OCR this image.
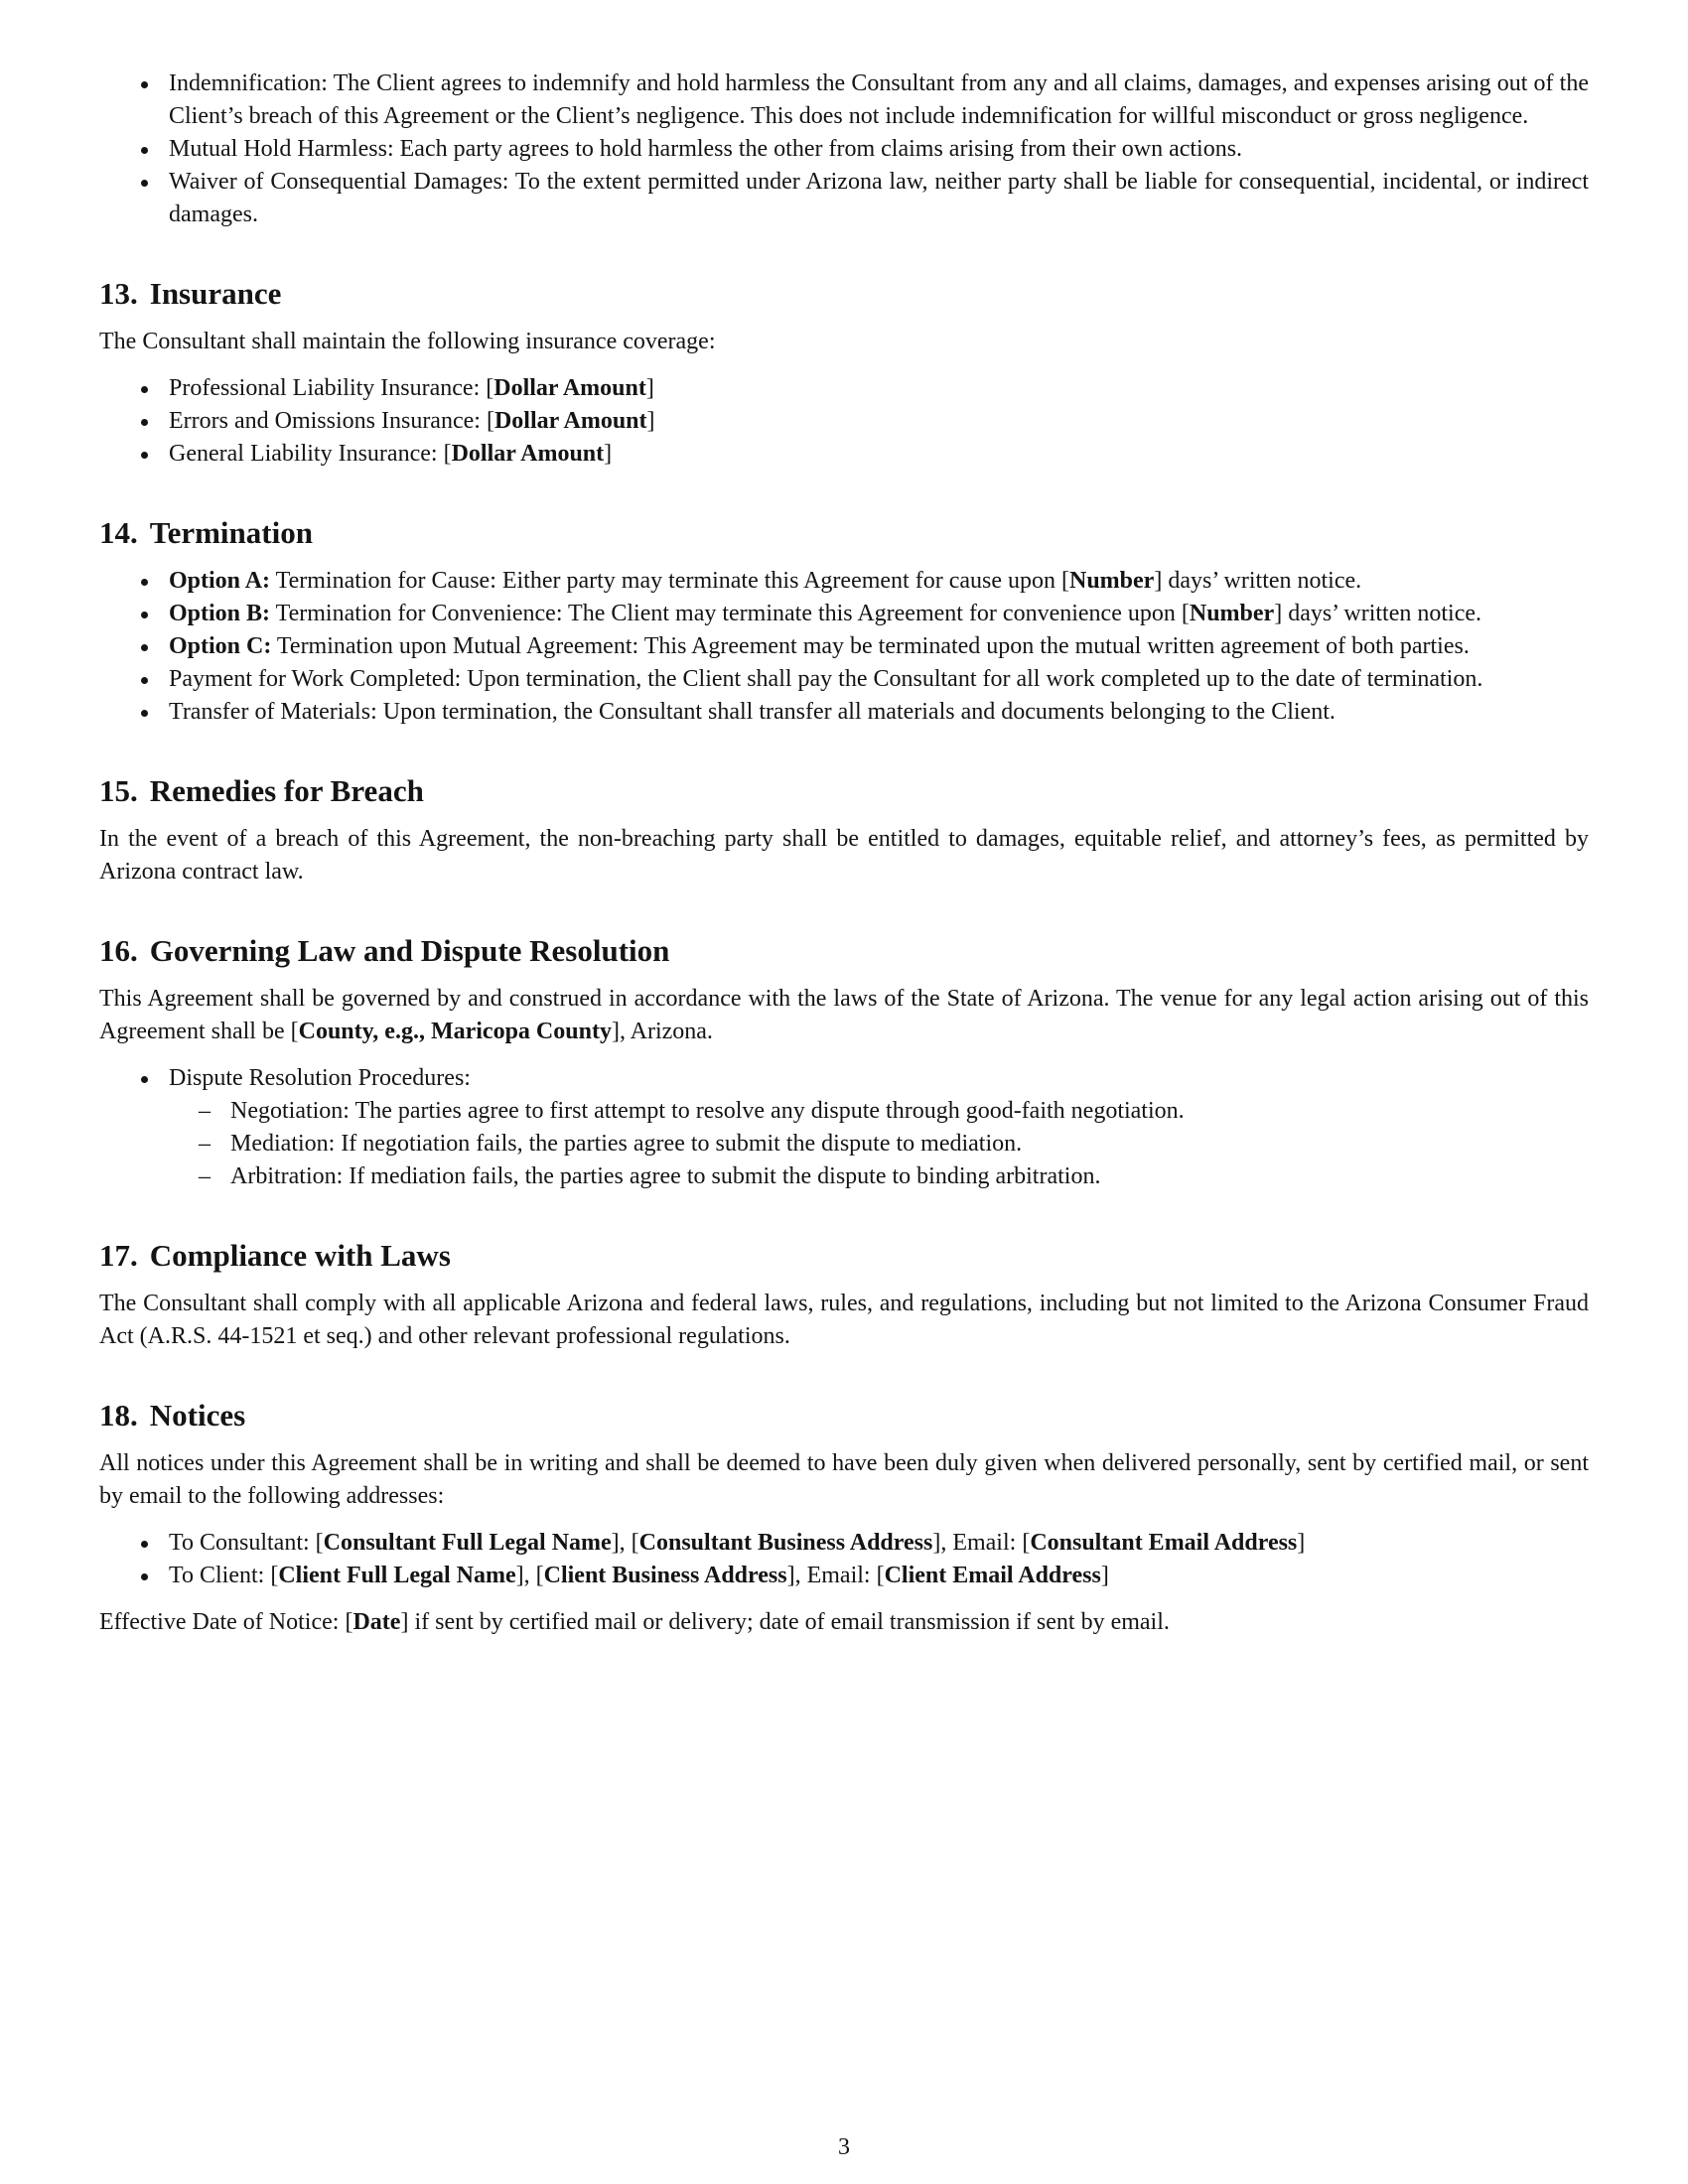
Indemnification: The Client agrees to indemnify and hold harmless the Consultant from any and all claims, damages, and expenses arising out of the Client’s breach of this Agreement or the Client’s negligence. This does not include indemnification for willful misconduct or gross negligence.
Mutual Hold Harmless: Each party agrees to hold harmless the other from claims arising from their own actions.
Waiver of Consequential Damages: To the extent permitted under Arizona law, neither party shall be liable for consequential, incidental, or indirect damages.
13. Insurance

The Consultant shall maintain the following insurance coverage:

Professional Liability Insurance: [Dollar Amount]
Errors and Omissions Insurance: [Dollar Amount]
General Liability Insurance: [Dollar Amount]
14. Termination
Option A: Termination for Cause: Either party may terminate this Agreement for cause upon [Number] days’ written notice.
Option B: Termination for Convenience: The Client may terminate this Agreement for convenience upon [Number] days’ written notice.
Option C: Termination upon Mutual Agreement: This Agreement may be terminated upon the mutual written agreement of both parties.
Payment for Work Completed: Upon termination, the Client shall pay the Consultant for all work completed up to the date of termination.
Transfer of Materials: Upon termination, the Consultant shall transfer all materials and documents belonging to the Client.
15. Remedies for Breach

In the event of a breach of this Agreement, the non-breaching party shall be entitled to damages, equitable relief, and attorney’s fees, as permitted by Arizona contract law.

16. Governing Law and Dispute Resolution

This Agreement shall be governed by and construed in accordance with the laws of the State of Arizona. The venue for any legal action arising out of this Agreement shall be [County, e.g., Maricopa County], Arizona.

Dispute Resolution Procedures:
– Negotiation: The parties agree to first attempt to resolve any dispute through good-faith negotiation.
– Mediation: If negotiation fails, the parties agree to submit the dispute to mediation.
– Arbitration: If mediation fails, the parties agree to submit the dispute to binding arbitration.
17. Compliance with Laws

The Consultant shall comply with all applicable Arizona and federal laws, rules, and regulations, including but not limited to the Arizona Consumer Fraud Act (A.R.S. 44-1521 et seq.) and other relevant professional regulations.

18. Notices

All notices under this Agreement shall be in writing and shall be deemed to have been duly given when delivered personally, sent by certified mail, or sent by email to the following addresses:

To Consultant: [Consultant Full Legal Name], [Consultant Business Address], Email: [Consultant Email Address]
To Client: [Client Full Legal Name], [Client Business Address], Email: [Client Email Address]

Effective Date of Notice: [Date] if sent by certified mail or delivery; date of email transmission if sent by email.

3
